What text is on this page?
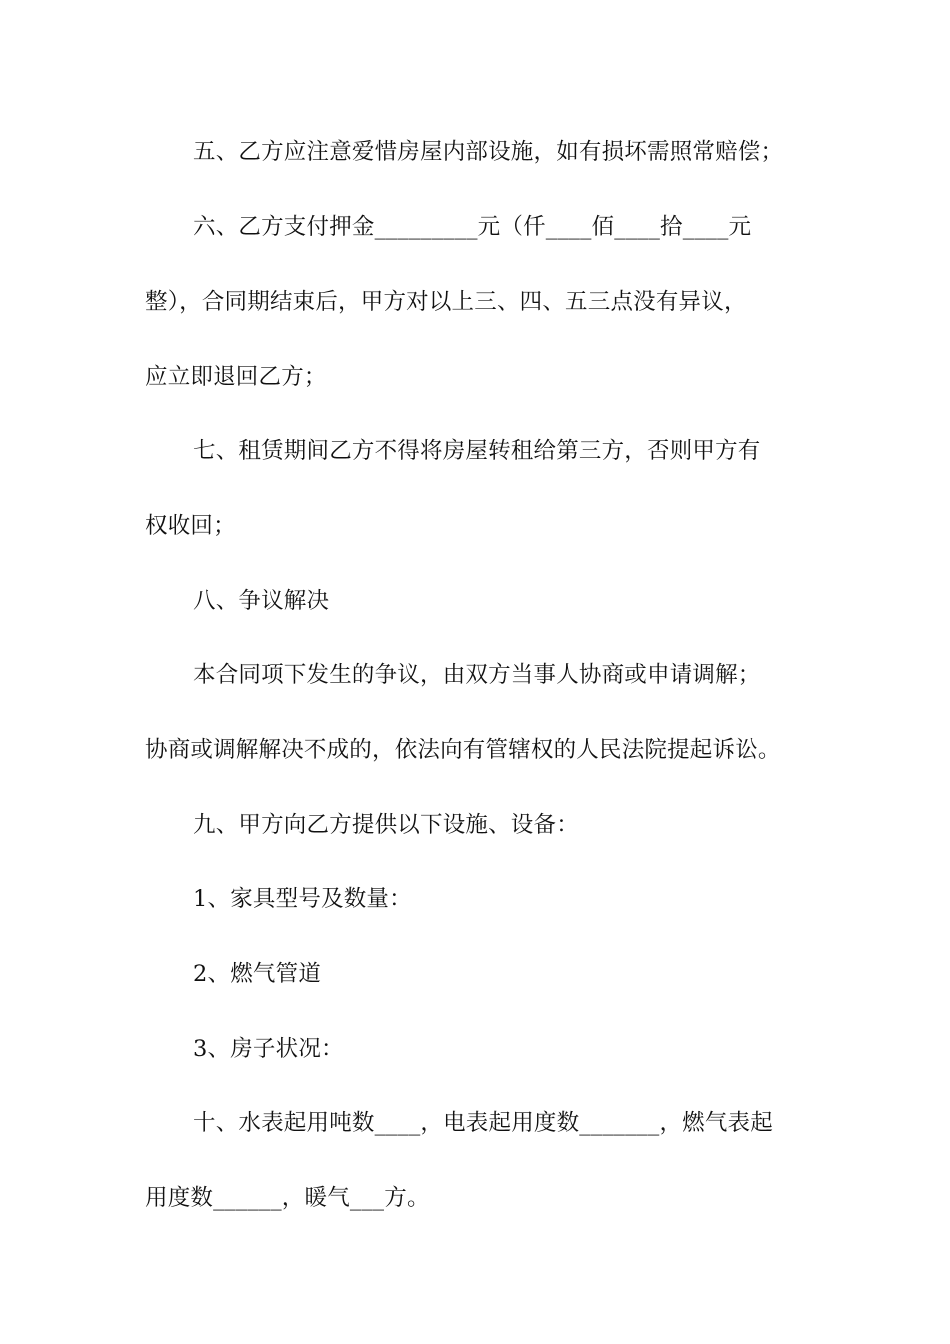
五、乙方应注意爱惜房屋内部设施，如有损坏需照常赔偿；
六、乙方支付押金_________元（仟____佰____拾____元
整），合同期结束后，甲方对以上三、四、五三点没有异议，
应立即退回乙方；
七、租赁期间乙方不得将房屋转租给第三方，否则甲方有
权收回；
八、争议解决
本合同项下发生的争议，由双方当事人协商或申请调解；
协商或调解解决不成的，依法向有管辖权的人民法院提起诉讼。
九、甲方向乙方提供以下设施、设备：
1、家具型号及数量：
2、燃气管道
3、房子状况：
十、水表起用吨数____，电表起用度数_______，燃气表起
用度数______，暖气___方。
